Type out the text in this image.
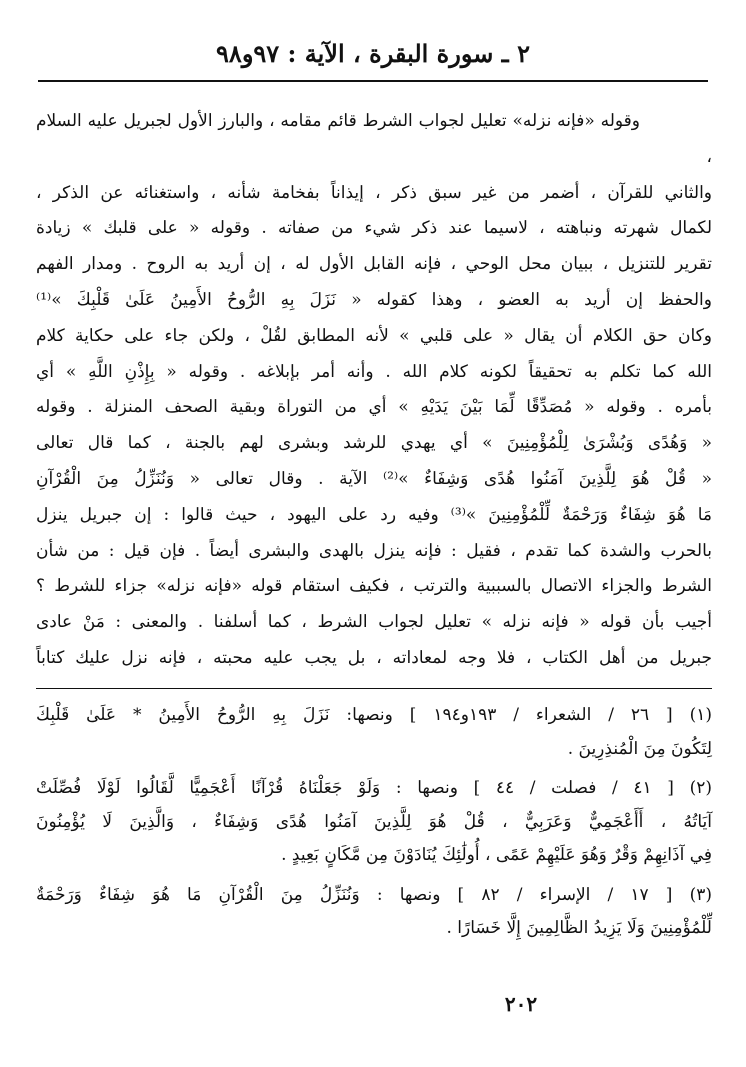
٢ ـ سورة البقرة ، الآية : ٩٧و٩٨

وقوله «فإنه نزله» تعليل لجواب الشرط قائم مقامه ، والبارز الأول لجبريل عليه السلام ،

والثاني للقرآن ، أضمر من غير سبق ذكر ، إيذاناً بفخامة شأنه ، واستغنائه عن الذكر ،

لكمال شهرته ونباهته ، لاسيما عند ذكر شيء من صفاته . وقوله « على قلبك » زيادة

تقرير للتنزيل ، ببيان محل الوحي ، فإنه القابل الأول له ، إن أريد به الروح . ومدار الفهم

والحفظ إن أريد به العضو ، وهذا كقوله « نَزَلَ بِهِ الرُّوحُ الأَمِينُ عَلَىٰ قَلْبِكَ »⁽¹⁾

وكان حق الكلام أن يقال « على قلبي » لأنه المطابق لقُلْ ، ولكن جاء على حكاية كلام

الله كما تكلم به تحقيقاً لكونه كلام الله . وأنه أمر بإبلاغه . وقوله « بِإِذْنِ اللَّهِ » أي

بأمره . وقوله « مُصَدِّقًا لِّمَا بَيْنَ يَدَيْهِ » أي من التوراة وبقية الصحف المنزلة . وقوله

« وَهُدًى وَبُشْرَىٰ لِلْمُؤْمِنِينَ » أي يهدي للرشد وبشرى لهم بالجنة ، كما قال تعالى

« قُلْ هُوَ لِلَّذِينَ آمَنُوا هُدًى وَشِفَاءٌ »⁽²⁾ الآية . وقال تعالى « وَنُنَزِّلُ مِنَ الْقُرْآنِ

مَا هُوَ شِفَاءٌ وَرَحْمَةٌ لِّلْمُؤْمِنِينَ »⁽³⁾ وفيه رد على اليهود ، حيث قالوا : إن جبريل ينزل

بالحرب والشدة كما تقدم ، فقيل : فإنه ينزل بالهدى والبشرى أيضاً . فإن قيل : من شأن

الشرط والجزاء الاتصال بالسببية والترتب ، فكيف استقام قوله «فإنه نزله» جزاء للشرط ؟

أجيب بأن قوله « فإنه نزله » تعليل لجواب الشرط ، كما أسلفنا . والمعنى : مَنْ عادى

جبريل من أهل الكتاب ، فلا وجه لمعاداته ، بل يجب عليه محبته ، فإنه نزل عليك كتاباً

(١) [ ٢٦ / الشعراء / ١٩٣و١٩٤ ] ونصها: نَزَلَ بِهِ الرُّوحُ الأَمِينُ * عَلَىٰ قَلْبِكَ
لِتَكُونَ مِنَ الْمُنذِرِينَ .
(٢) [ ٤١ / فصلت / ٤٤ ] ونصها : وَلَوْ جَعَلْنَاهُ قُرْآنًا أَعْجَمِيًّا لَّقَالُوا لَوْلَا فُصِّلَتْ
آيَاتُهُ ، أَأَعْجَمِيٌّ وَعَرَبِيٌّ ، قُلْ هُوَ لِلَّذِينَ آمَنُوا هُدًى وَشِفَاءٌ ، وَالَّذِينَ لَا يُؤْمِنُونَ
فِي آذَانِهِمْ وَقْرٌ وَهُوَ عَلَيْهِمْ عَمًى ، أُولَٰئِكَ يُنَادَوْنَ مِن مَّكَانٍ بَعِيدٍ .
(٣) [ ١٧ / الإسراء / ٨٢ ] ونصها : وَنُنَزِّلُ مِنَ الْقُرْآنِ مَا هُوَ شِفَاءٌ وَرَحْمَةٌ
لِّلْمُؤْمِنِينَ وَلَا يَزِيدُ الظَّالِمِينَ إِلَّا خَسَارًا .
٢٠٢
